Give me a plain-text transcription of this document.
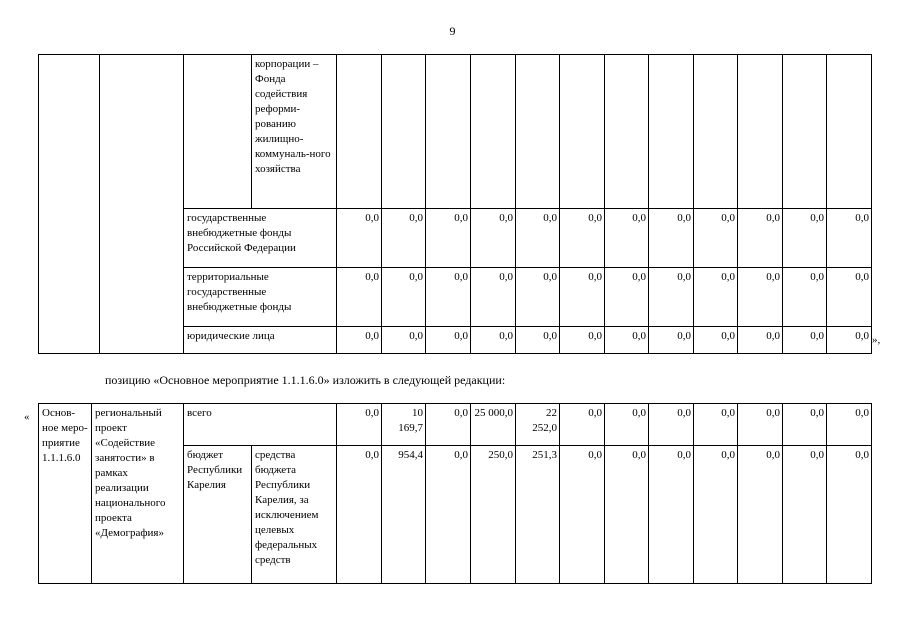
9
			корпорации – Фонда содействия реформи-рованию жилищно-коммуналь-ного хозяйства												
		государственные внебюджетные фонды Российской Федерации		0,0	0,0	0,0	0,0	0,0	0,0	0,0	0,0	0,0	0,0	0,0	0,0
		территориальные государственные внебюджетные фонды		0,0	0,0	0,0	0,0	0,0	0,0	0,0	0,0	0,0	0,0	0,0	0,0
		юридические лица		0,0	0,0	0,0	0,0	0,0	0,0	0,0	0,0	0,0	0,0	0,0	0,0 »,
позицию «Основное мероприятие 1.1.1.6.0» изложить в следующей редакции:
« Основ-ное меро-приятие 1.1.1.6.0	региональный проект «Содействие занятости» в рамках реализации национального проекта «Демография»	всего		0,0	10 169,7	0,0	25 000,0	22 252,0	0,0	0,0	0,0	0,0	0,0	0,0	0,0
		бюджет Республики Карелия	средства бюджета Республики Карелия, за исключением целевых федеральных средств	0,0	954,4	0,0	250,0	251,3	0,0	0,0	0,0	0,0	0,0	0,0	0,0
